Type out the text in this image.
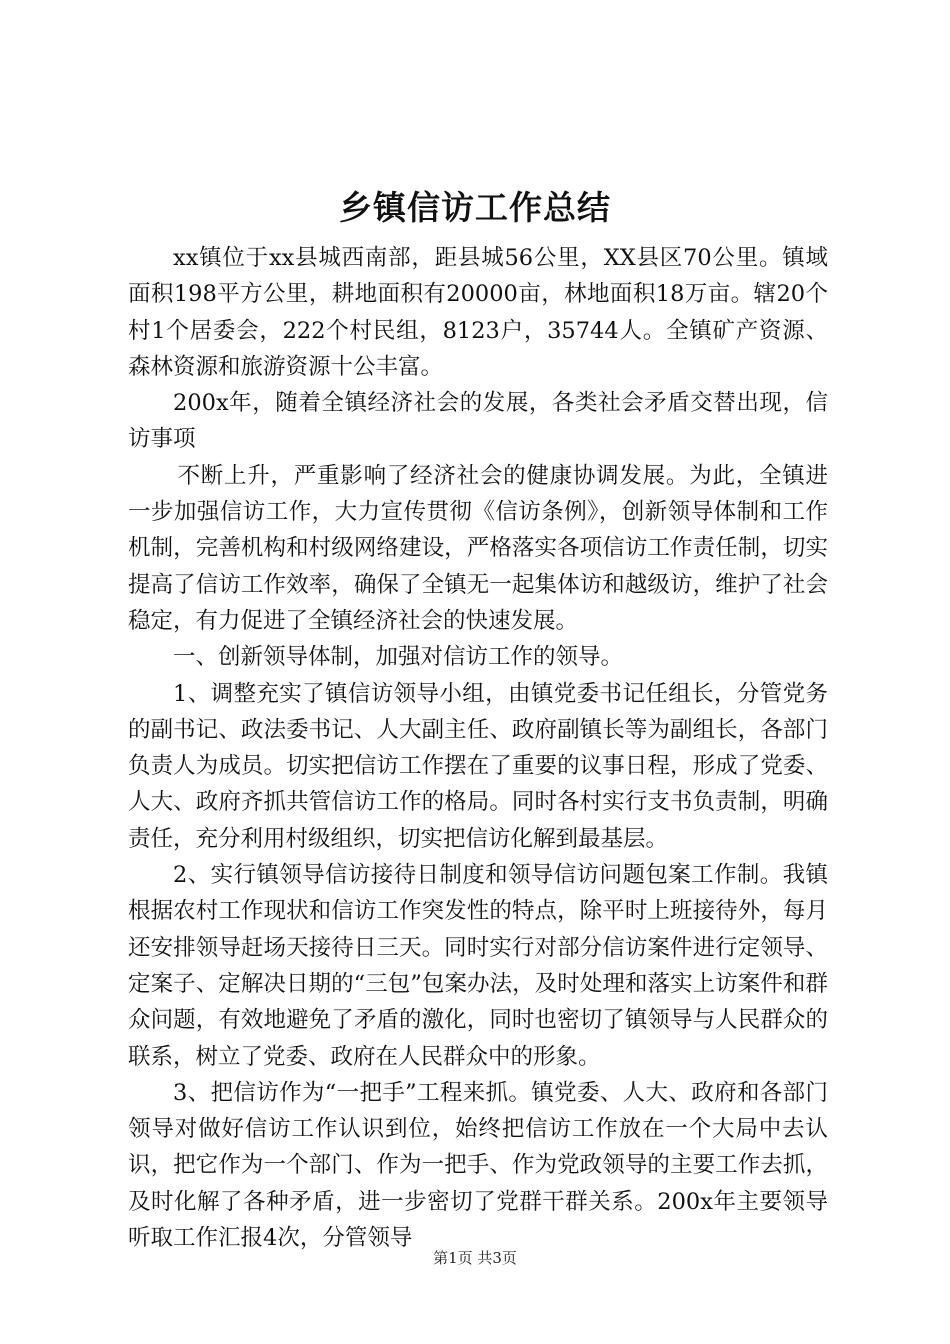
乡镇信访工作总结

xx镇位于xx县城西南部，距县城56公里，XX县区70公里。镇域面积198平方公里，耕地面积有20000亩，林地面积18万亩。辖20个村1个居委会，222个村民组，8123户，35744人。全镇矿产资源、森林资源和旅游资源十公丰富。

200x年，随着全镇经济社会的发展，各类社会矛盾交替出现，信访事项

不断上升，严重影响了经济社会的健康协调发展。为此，全镇进一步加强信访工作，大力宣传贯彻《信访条例》，创新领导体制和工作机制，完善机构和村级网络建设，严格落实各项信访工作责任制，切实提高了信访工作效率，确保了全镇无一起集体访和越级访，维护了社会稳定，有力促进了全镇经济社会的快速发展。

一、创新领导体制，加强对信访工作的领导。

1、调整充实了镇信访领导小组，由镇党委书记任组长，分管党务的副书记、政法委书记、人大副主任、政府副镇长等为副组长，各部门负责人为成员。切实把信访工作摆在了重要的议事日程，形成了党委、人大、政府齐抓共管信访工作的格局。同时各村实行支书负责制，明确责任，充分利用村级组织，切实把信访化解到最基层。

2、实行镇领导信访接待日制度和领导信访问题包案工作制。我镇根据农村工作现状和信访工作突发性的特点，除平时上班接待外，每月还安排领导赶场天接待日三天。同时实行对部分信访案件进行定领导、定案子、定解决日期的“三包”包案办法，及时处理和落实上访案件和群众问题，有效地避免了矛盾的激化，同时也密切了镇领导与人民群众的联系，树立了党委、政府在人民群众中的形象。

3、把信访作为“一把手”工程来抓。镇党委、人大、政府和各部门领导对做好信访工作认识到位，始终把信访工作放在一个大局中去认识，把它作为一个部门、作为一把手、作为党政领导的主要工作去抓，及时化解了各种矛盾，进一步密切了党群干群关系。200x年主要领导听取工作汇报4次，分管领导

第1页 共3页
